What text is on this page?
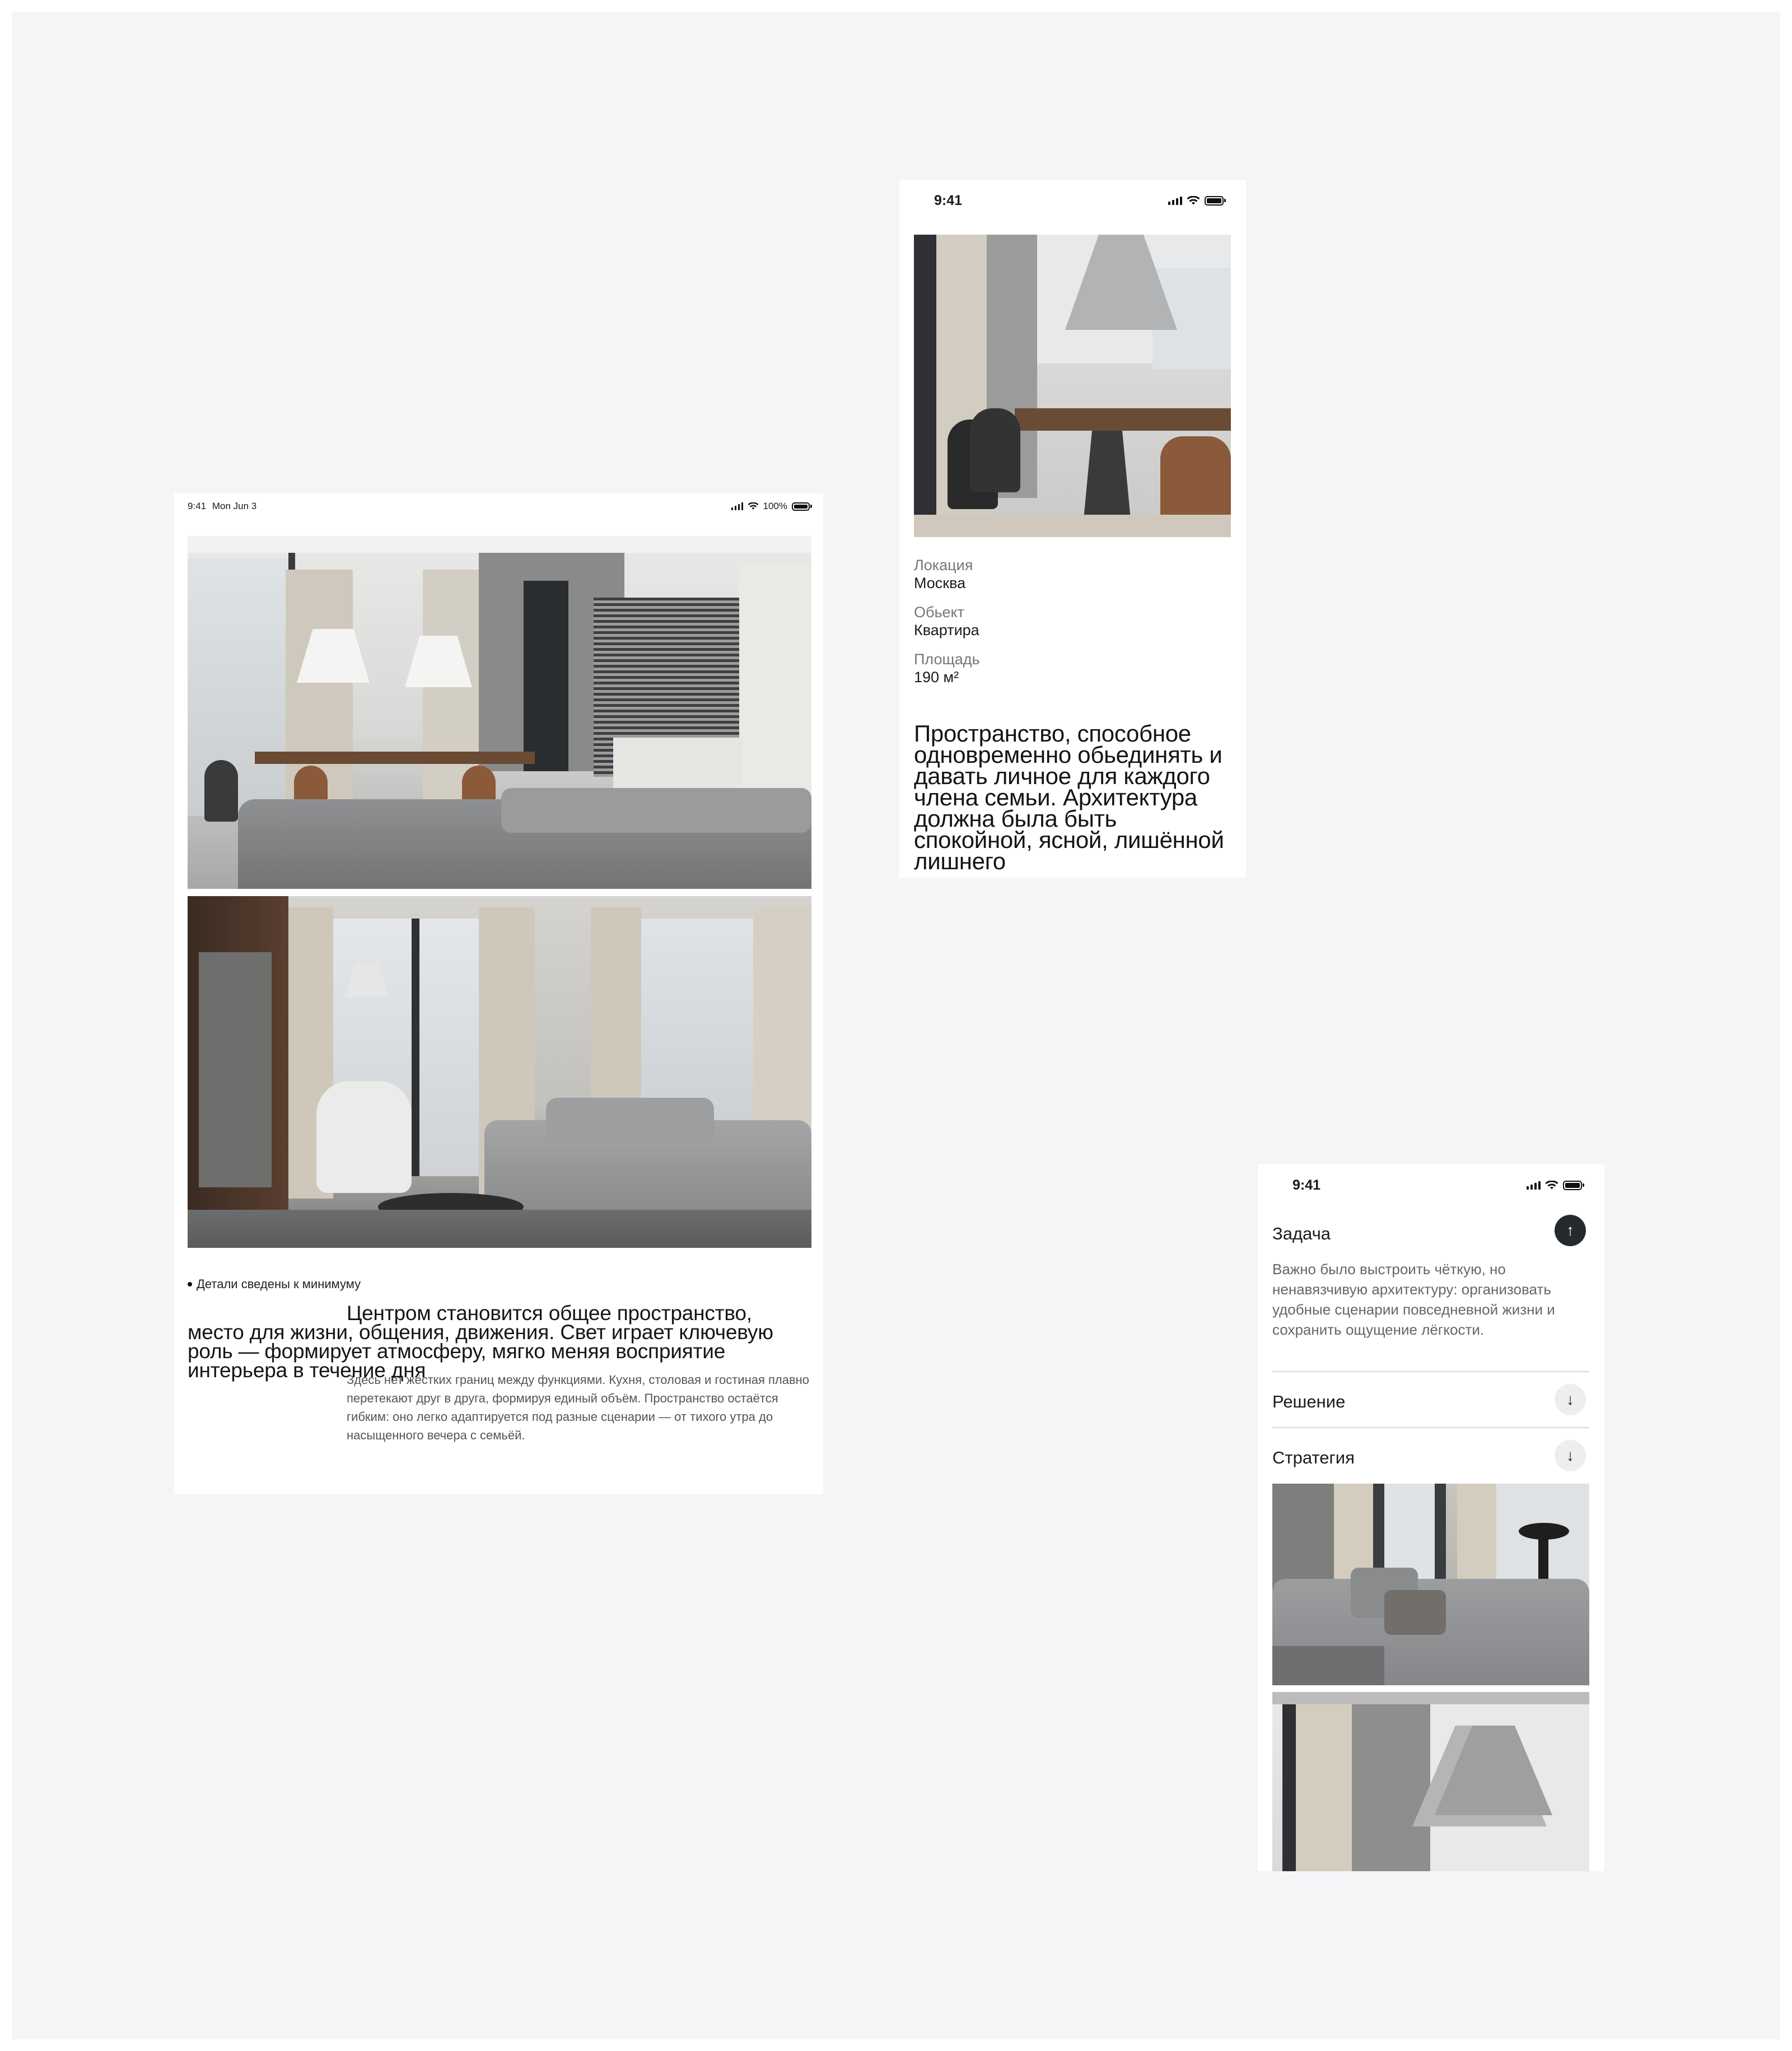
9:41 Mon Jun 3	100%
Детали сведены к минимуму
Центром становится общее пространство, место для жизни, общения, движения. Свет играет ключевую роль — формирует атмосферу, мягко меняя восприятие интерьера в течение дня
Здесь нет жёстких границ между функциями. Кухня, столовая и гостиная плавно перетекают друг в друга, формируя единый объём. Пространство остаётся гибким: оно легко адаптируется под разные сценарии — от тихого утра до насыщенного вечера с семьёй.
9:41
Локация
Москва
Обьект
Квартира
Площадь
190 м²
Пространство, способное одновременно обьединять и давать личное для каждого члена семьи. Архитектура должна была быть спокойной, ясной, лишённой лишнего
9:41
Задача	↑
Важно было выстроить чёткую, но ненавязчивую архитектуру: организовать удобные сценарии повседневной жизни и сохранить ощущение лёгкости.
Решение	↓
Стратегия	↓
